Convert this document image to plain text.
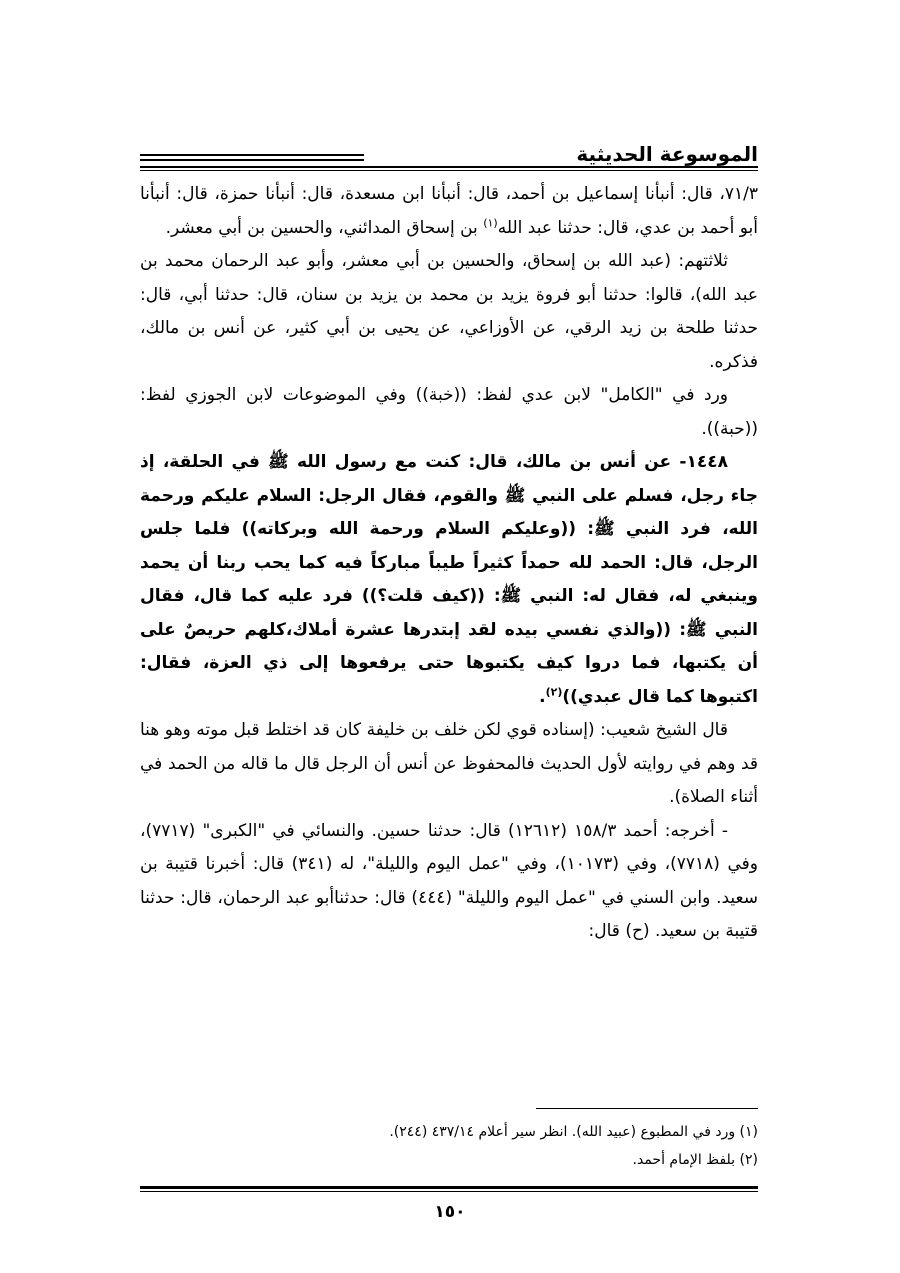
الموسوعة الحديثية

٧١/٣، قال: أنبأنا إسماعيل بن أحمد، قال: أنبأنا ابن مسعدة، قال: أنبأنا حمزة، قال: أنبأنا أبو أحمد بن عدي، قال: حدثنا عبد الله$^{(١)}$ بن إسحاق المدائني، والحسين بن أبي معشر.

ثلاثتهم: (عبد الله بن إسحاق، والحسين بن أبي معشر، وأبو عبد الرحمان محمد بن عبد الله)، قالوا: حدثنا أبو فروة يزيد بن محمد بن يزيد بن سنان، قال: حدثنا أبي، قال: حدثنا طلحة بن زيد الرقي، عن الأوزاعي، عن يحيى بن أبي كثير، عن أنس بن مالك، فذكره.

ورد في "الكامل" لابن عدي لفظ: ((خبة)) وفي الموضوعات لابن الجوزي لفظ: ((حبة)).

١٤٤٨- عن أنس بن مالك، قال: كنت مع رسول الله ﷺ في الحلقة، إذ جاء رجل، فسلم على النبي ﷺ والقوم، فقال الرجل: السلام عليكم ورحمة الله، فرد النبي ﷺ: ((وعليكم السلام ورحمة الله وبركاته)) فلما جلس الرجل، قال: الحمد لله حمداً كثيراً طيباً مباركاً فيه كما يحب ربنا أن يحمد وينبغي له، فقال له: النبي ﷺ: ((كيف قلت؟)) فرد عليه كما قال، فقال النبي ﷺ: ((والذي نفسي بيده لقد إبتدرها عشرة أملاك،كلهم حريصٌ على أن يكتبها، فما دروا كيف يكتبوها حتى يرفعوها إلى ذي العزة، فقال: اكتبوها كما قال عبدي))$^{(٢)}$.

قال الشيخ شعيب: (إسناده قوي لكن خلف بن خليفة كان قد اختلط قبل موته وهو هنا قد وهم في روايته لأول الحديث فالمحفوظ عن أنس أن الرجل قال ما قاله من الحمد في أثناء الصلاة).

- أخرجه: أحمد ١٥٨/٣ (١٢٦١٢) قال: حدثنا حسين. والنسائي في "الكبرى" (٧٧١٧)، وفي (٧٧١٨)، وفي (١٠١٧٣)، وفي "عمل اليوم والليلة"، له (٣٤١) قال: أخبرنا قتيبة بن سعيد. وابن السني في "عمل اليوم والليلة" (٤٤٤) قال: حدثناأبو عبد الرحمان، قال: حدثنا قتيبة بن سعيد. (ح) قال:

(١) ورد في المطبوع (عبيد الله). انظر سير أعلام ٤٣٧/١٤ (٢٤٤).

(٢) بلفظ الإمام أحمد.

١٥٠
